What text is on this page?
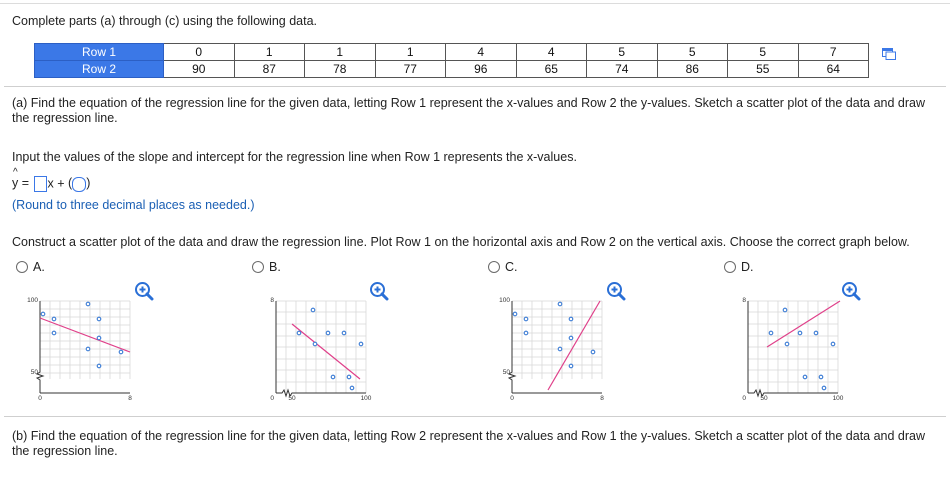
Complete parts (a) through (c) using the following data.
Row 1	0	1	1	1	4	4	5	5	5	7
Row 2	90	87	78	77	96	65	74	86	55	64
(a) Find the equation of the regression line for the given data, letting Row 1 represent the x-values and Row 2 the y-values. Sketch a scatter plot of the data and draw the regression line.
Input the values of the slope and intercept for the regression line when Row 1 represents the x-values.
^
y = x + ( )
(Round to three decimal places as needed.)
Construct a scatter plot of the data and draw the regression line. Plot Row 1 on the horizontal axis and Row 2 on the vertical axis. Choose the correct graph below.
A.	B.	C.	D.
100
50
0	8
8
0 50	100
100
50
0	8
8
0 50	100
(b) Find the equation of the regression line for the given data, letting Row 2 represent the x-values and Row 1 the y-values. Sketch a scatter plot of the data and draw the regression line.
